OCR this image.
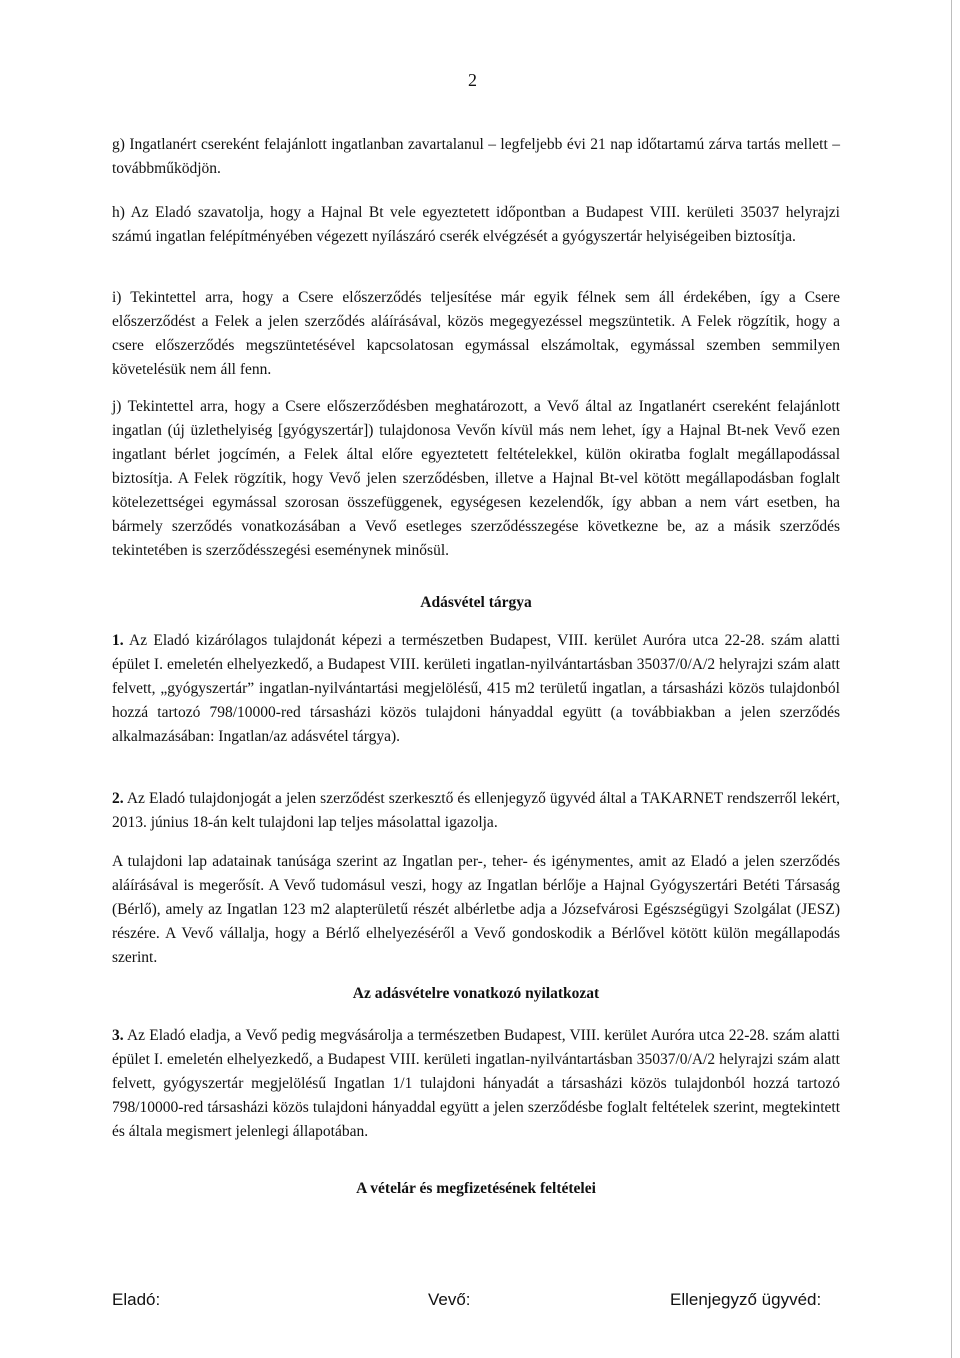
2

g) Ingatlanért csereként felajánlott ingatlanban zavartalanul – legfeljebb évi 21 nap időtartamú zárva tartás mellett – továbbműködjön.

h) Az Eladó szavatolja, hogy a Hajnal Bt vele egyeztetett időpontban a Budapest VIII. kerületi 35037 helyrajzi számú ingatlan felépítményében végezett nyílászáró cserék elvégzését a gyógyszertár helyiségeiben biztosítja.

i) Tekintettel arra, hogy a Csere előszerződés teljesítése már egyik félnek sem áll érdekében, így a Csere előszerződést a Felek a jelen szerződés aláírásával, közös megegyezéssel megszüntetik. A Felek rögzítik, hogy a csere előszerződés megszüntetésével kapcsolatosan egymással elszámoltak, egymással szemben semmilyen követelésük nem áll fenn.

j) Tekintettel arra, hogy a Csere előszerződésben meghatározott, a Vevő által az Ingatlanért csereként felajánlott ingatlan (új üzlethelyiség [gyógyszertár]) tulajdonosa Vevőn kívül más nem lehet, így a Hajnal Bt-nek Vevő ezen ingatlant bérlet jogcímén, a Felek által előre egyeztetett feltételekkel, külön okiratba foglalt megállapodással biztosítja. A Felek rögzítik, hogy Vevő jelen szerződésben, illetve a Hajnal Bt-vel kötött megállapodásban foglalt kötelezettségei egymással szorosan összefüggenek, egységesen kezelendők, így abban a nem várt esetben, ha bármely szerződés vonatkozásában a Vevő esetleges szerződésszegése következne be, az a másik szerződés tekintetében is szerződésszegési eseménynek minősül.

Adásvétel tárgya

1. Az Eladó kizárólagos tulajdonát képezi a természetben Budapest, VIII. kerület Auróra utca 22-28. szám alatti épület I. emeletén elhelyezkedő, a Budapest VIII. kerületi ingatlan-nyilvántartásban 35037/0/A/2 helyrajzi szám alatt felvett, „gyógyszertár” ingatlan-nyilvántartási megjelölésű, 415 m2 területű ingatlan, a társasházi közös tulajdonból hozzá tartozó 798/10000-red társasházi közös tulajdoni hányaddal együtt (a továbbiakban a jelen szerződés alkalmazásában: Ingatlan/az adásvétel tárgya).

2. Az Eladó tulajdonjogát a jelen szerződést szerkesztő és ellenjegyző ügyvéd által a TAKARNET rendszerről lekért, 2013. június 18-án kelt tulajdoni lap teljes másolattal igazolja.

A tulajdoni lap adatainak tanúsága szerint az Ingatlan per-, teher- és igénymentes, amit az Eladó a jelen szerződés aláírásával is megerősít. A Vevő tudomásul veszi, hogy az Ingatlan bérlője a Hajnal Gyógyszertári Betéti Társaság (Bérlő), amely az Ingatlan 123 m2 alapterületű részét albérletbe adja a Józsefvárosi Egészségügyi Szolgálat (JESZ) részére. A Vevő vállalja, hogy a Bérlő elhelyezéséről a Vevő gondoskodik a Bérlővel kötött külön megállapodás szerint.

Az adásvételre vonatkozó nyilatkozat

3. Az Eladó eladja, a Vevő pedig megvásárolja a természetben Budapest, VIII. kerület Auróra utca 22-28. szám alatti épület I. emeletén elhelyezkedő, a Budapest VIII. kerületi ingatlan-nyilvántartásban 35037/0/A/2 helyrajzi szám alatt felvett, gyógyszertár megjelölésű Ingatlan 1/1 tulajdoni hányadát a társasházi közös tulajdonból hozzá tartozó 798/10000-red társasházi közös tulajdoni hányaddal együtt a jelen szerződésbe foglalt feltételek szerint, megtekintett és általa megismert jelenlegi állapotában.

A vételár és megfizetésének feltételei

Eladó:	Vevő:	Ellenjegyző ügyvéd:
